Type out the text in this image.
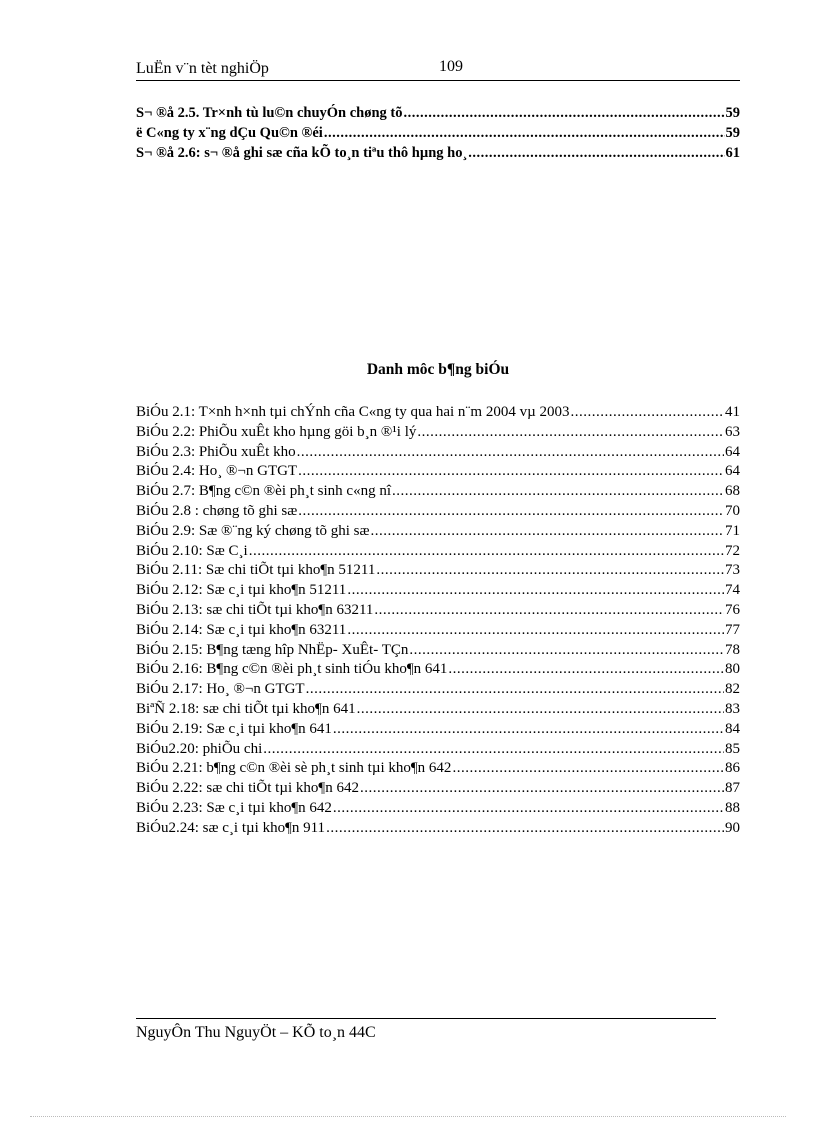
LuËn v¨n tèt nghiÖp	109
S¬ ®å 2.5. Tr×nh tù lu©n chuyÓn chøng tõ .....	59
ë C«ng ty x¨ng dÇu Qu©n ®éi .....	59
S¬ ®å 2.6: s¬ ®å ghi sæ cña kÕ to¸n tiªu thô hµng ho¸ .....	61
Danh môc b¶ng biÓu
BiÓu 2.1: T×nh h×nh tµi chÝnh cña C«ng ty qua hai n¨m 2004 vµ 2003 .....	41
BiÓu 2.2: PhiÕu xuÊt kho hµng göi b¸n ®¹i lý .....	63
BiÓu 2.3: PhiÕu xuÊt kho .....	64
BiÓu 2.4: Ho¸ ®¬n GTGT .....	64
BiÓu 2.7: B¶ng c©n ®èi ph¸t sinh c«ng nî .....	68
BiÓu 2.8 : chøng tõ ghi sæ .....	70
BiÓu 2.9: Sæ ®¨ng ký chøng tõ ghi sæ .....	71
BiÓu 2.10: Sæ C¸i .....	72
BiÓu 2.11: Sæ chi tiÕt tµi kho¶n 51211 .....	73
BiÓu 2.12: Sæ c¸i tµi kho¶n 51211 .....	74
BiÓu 2.13: sæ chi tiÕt tµi kho¶n 63211 .....	76
BiÓu 2.14: Sæ c¸i tµi kho¶n 63211 .....	77
BiÓu 2.15: B¶ng tæng hîp NhËp- XuÊt- TÇn .....	78
BiÓu 2.16: B¶ng c©n ®èi ph¸t sinh tiÓu kho¶n 641 .....	80
BiÓu 2.17: Ho¸ ®¬n GTGT .....	82
BiªÑ 2.18: sæ chi tiÕt tµi kho¶n 641 .....	83
BiÓu 2.19: Sæ c¸i tµi kho¶n 641 .....	84
BiÓu2.20: phiÕu chi .....	85
BiÓu 2.21: b¶ng c©n ®èi sè ph¸t sinh tµi kho¶n 642 .....	86
BiÓu 2.22: sæ chi tiÕt tµi kho¶n 642 .....	87
BiÓu 2.23: Sæ c¸i tµi kho¶n 642 .....	88
BiÓu2.24: sæ c¸i tµi kho¶n 911 .....	90
NguyÔn Thu NguyÖt – KÕ to¸n 44C
